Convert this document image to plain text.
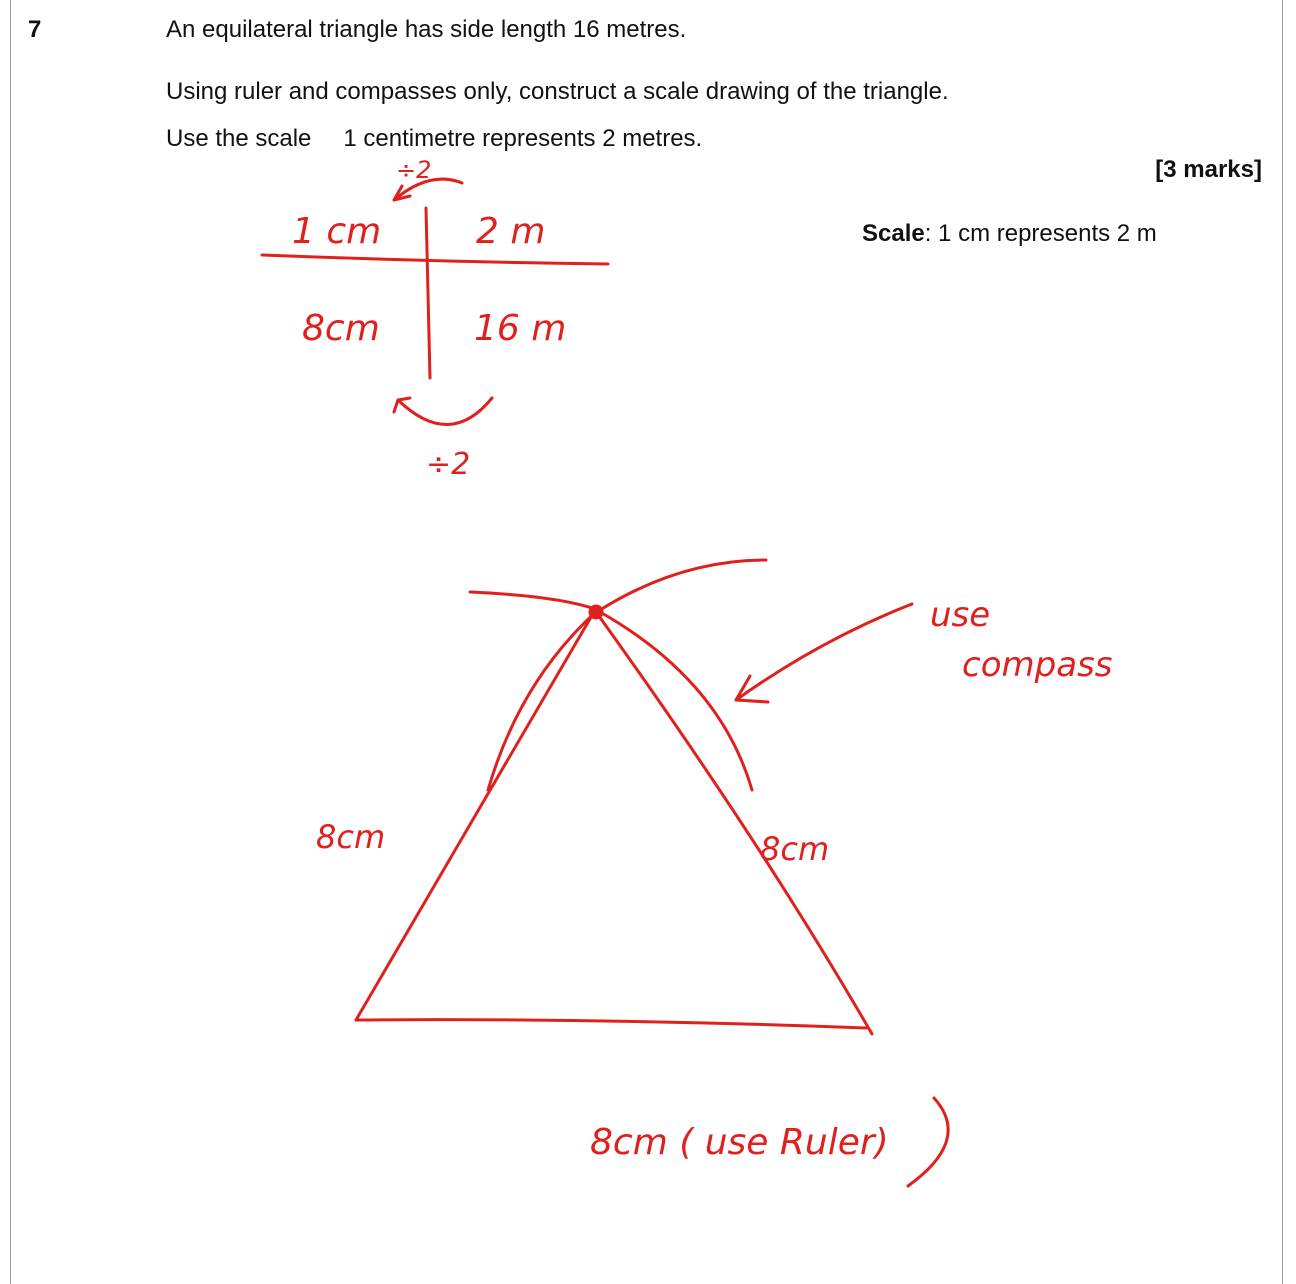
7	An equilateral triangle has side length 16 metres.
Using ruler and compasses only, construct a scale drawing of the triangle.
Use the scale 1 centimetre represents 2 metres.
[3 marks]
Scale: 1 cm represents 2 m
÷2
1 cm	2 m
8cm	16 m
÷2
8cm	8cm
use
compass
8cm ( use Ruler)
